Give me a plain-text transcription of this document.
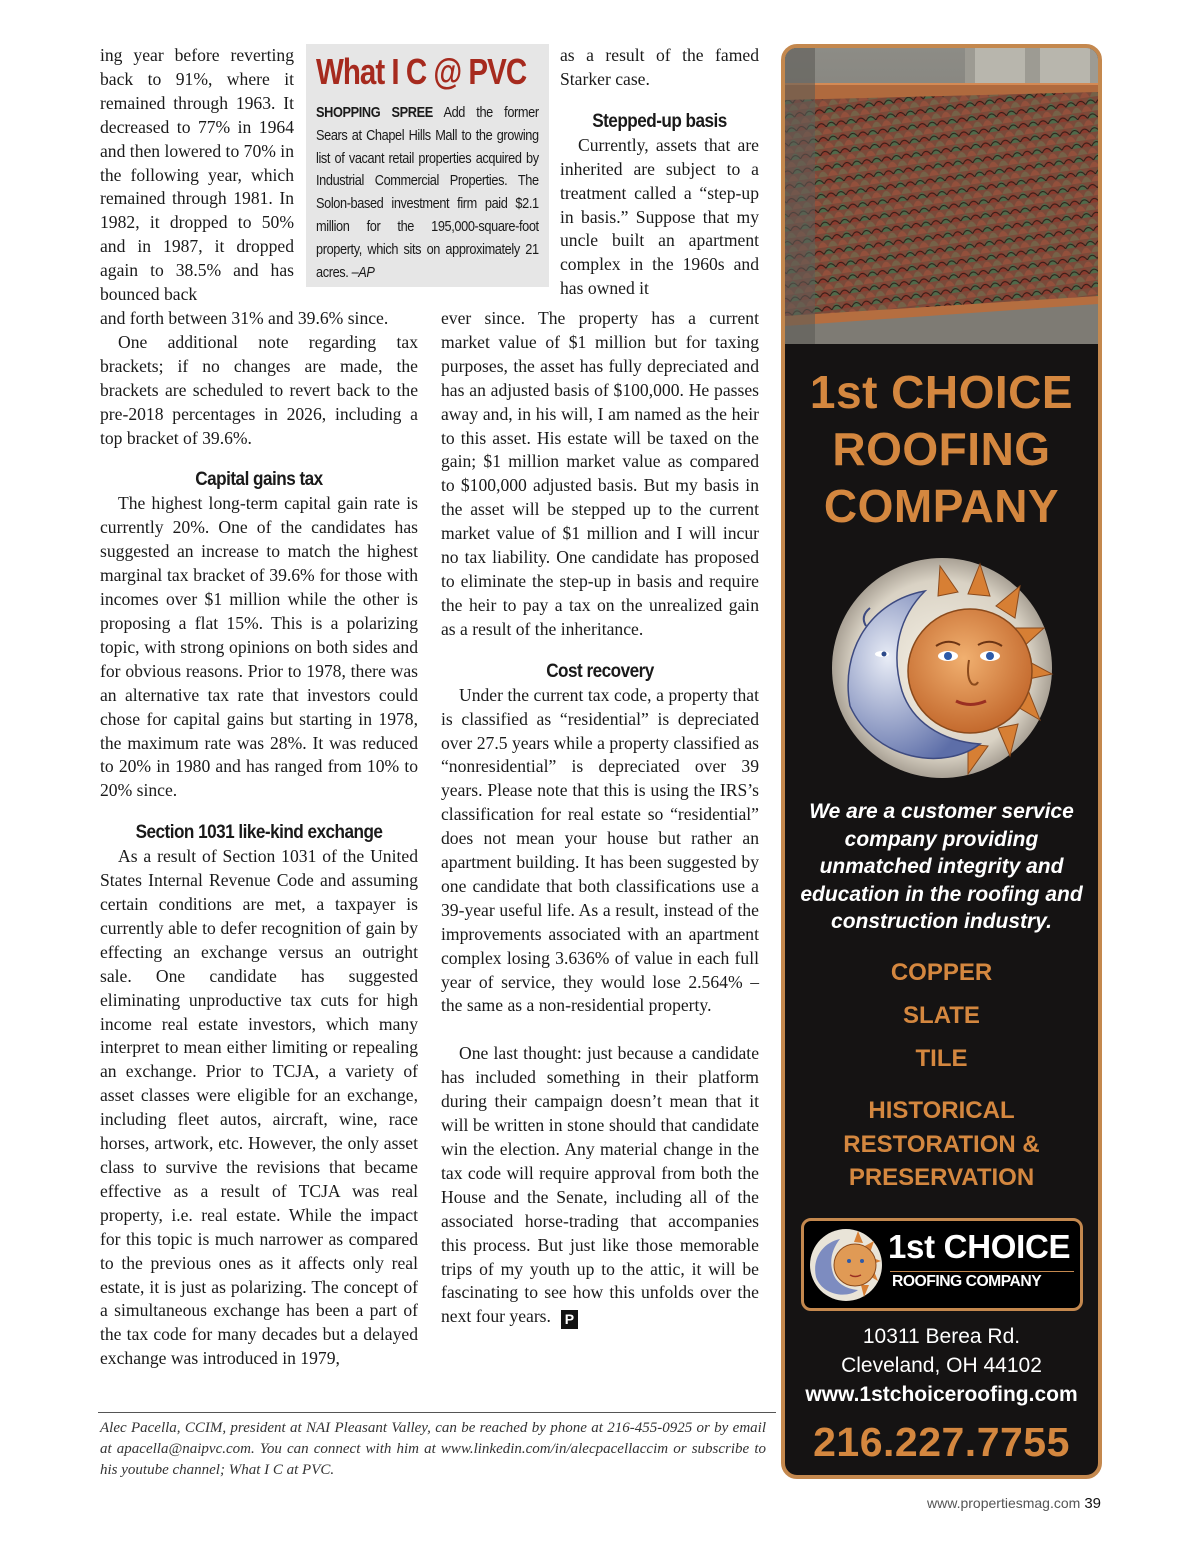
ing year before reverting back to 91%, where it remained through 1963. It decreased to 77% in 1964 and then lowered to 70% in the following year, which remained through 1981. In 1982, it dropped to 50% and in 1987, it dropped again to 38.5% and has bounced back

What I C @ PVC
SHOPPING SPREE Add the former Sears at Chapel Hills Mall to the growing list of vacant retail properties acquired by Industrial Commercial Properties. The Solon-based investment firm paid $2.1 million for the 195,000-square-foot property, which sits on approximately 21 acres. –AP

and forth between 31% and 39.6% since.

One additional note regarding tax brackets; if no changes are made, the brackets are scheduled to revert back to the pre-2018 percentages in 2026, including a top bracket of 39.6%.

Capital gains tax

The highest long-term capital gain rate is currently 20%. One of the candidates has suggested an increase to match the highest marginal tax bracket of 39.6% for those with incomes over $1 million while the other is proposing a flat 15%. This is a polarizing topic, with strong opinions on both sides and for obvious reasons. Prior to 1978, there was an alternative tax rate that investors could chose for capital gains but starting in 1978, the maximum rate was 28%. It was reduced to 20% in 1980 and has ranged from 10% to 20% since.

Section 1031 like-kind exchange

As a result of Section 1031 of the United States Internal Revenue Code and assuming certain conditions are met, a taxpayer is currently able to defer recognition of gain by effecting an exchange versus an outright sale. One candidate has suggested eliminating unproductive tax cuts for high income real estate investors, which many interpret to mean either limiting or repealing an exchange. Prior to TCJA, a variety of asset classes were eligible for an exchange, including fleet autos, aircraft, wine, race horses, artwork, etc. However, the only asset class to survive the revisions that became effective as a result of TCJA was real property, i.e. real estate. While the impact for this topic is much narrower as compared to the previous ones as it affects only real estate, it is just as polarizing. The concept of a simultaneous exchange has been a part of the tax code for many decades but a delayed exchange was introduced in 1979,

as a result of the famed Starker case.

Stepped-up basis

Currently, assets that are inherited are subject to a treatment called a “step-up in basis.” Suppose that my uncle built an apartment complex in the 1960s and has owned it

ever since. The property has a current market value of $1 million but for taxing purposes, the asset has fully depreciated and has an adjusted basis of $100,000. He passes away and, in his will, I am named as the heir to this asset. His estate will be taxed on the gain; $1 million market value as compared to $100,000 adjusted basis. But my basis in the asset will be stepped up to the current market value of $1 million and I will incur no tax liability. One candidate has proposed to eliminate the step-up in basis and require the heir to pay a tax on the unrealized gain as a result of the inheritance.

Cost recovery

Under the current tax code, a property that is classified as “residential” is depreciated over 27.5 years while a property classified as “nonresidential” is depreciated over 39 years. Please note that this is using the IRS’s classification for real estate so “residential” does not mean your house but rather an apartment building. It has been suggested by one candidate that both classifications use a 39-year useful life. As a result, instead of the improvements associated with an apartment complex losing 3.636% of value in each full year of service, they would lose 2.564% – the same as a non-residential property.

One last thought: just because a candidate has included something in their platform during their campaign doesn’t mean that it will be written in stone should that candidate win the election. Any material change in the tax code will require approval from both the House and the Senate, including all of the associated horse-trading that accompanies this process. But just like those memorable trips of my youth up to the attic, it will be fascinating to see how this unfolds over the next four years. P

Alec Pacella, CCIM, president at NAI Pleasant Valley, can be reached by phone at 216-455-0925 or by email at apacella@naipvc.com. You can connect with him at www.linkedin.com/in/alecpacellaccim or subscribe to his youtube channel; What I C at PVC.
1st CHOICE
ROOFING
COMPANY
We are a customer service company providing unmatched integrity and education in the roofing and construction industry.
COPPER
SLATE
TILE
HISTORICAL
RESTORATION &
PRESERVATION
1st CHOICE
ROOFING COMPANY
10311 Berea Rd.
Cleveland, OH 44102
www.1stchoiceroofing.com
216.227.7755
www.propertiesmag.com 39
